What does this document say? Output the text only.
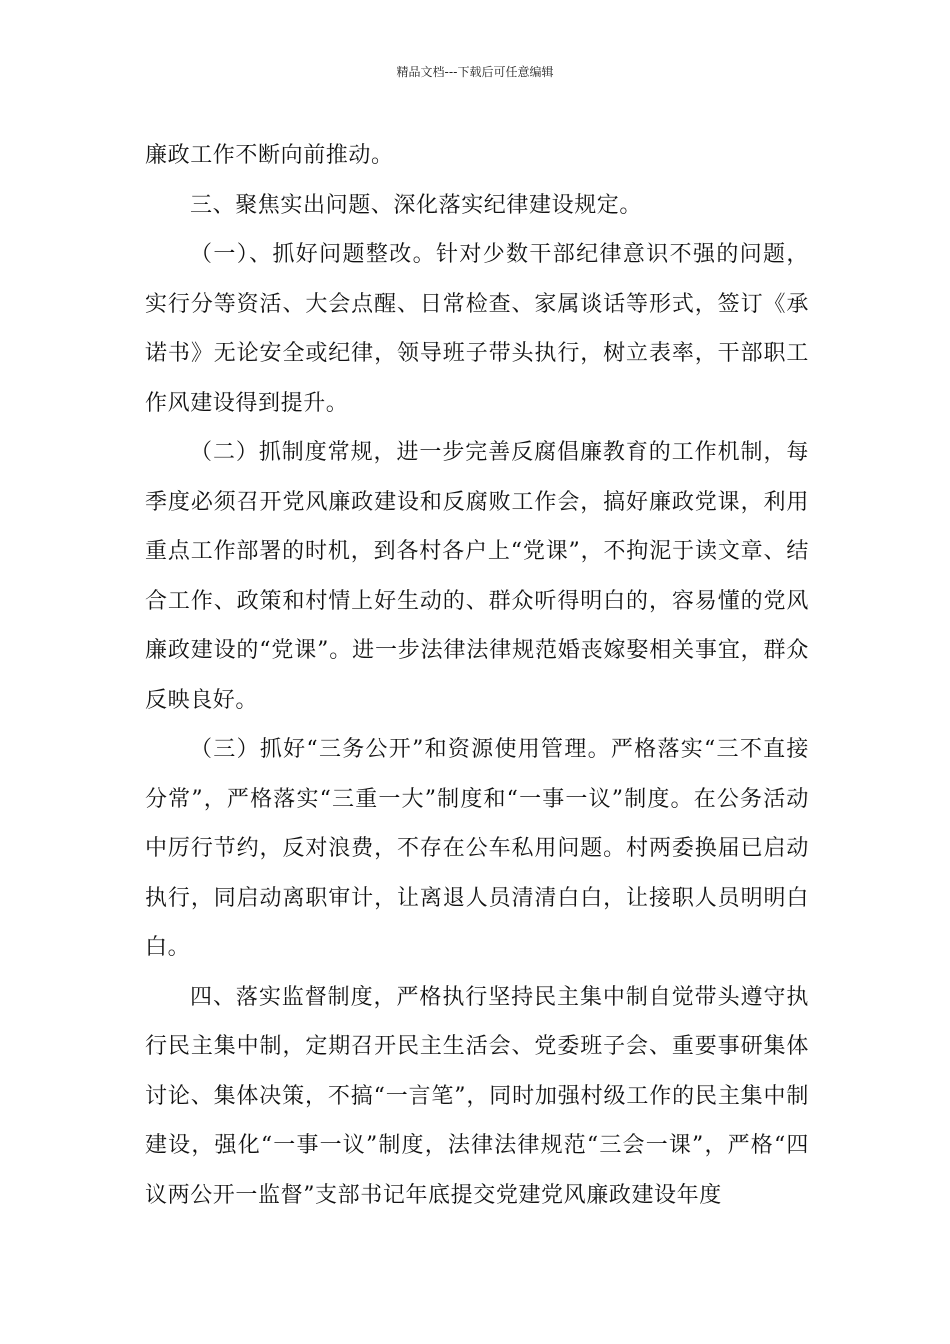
精品文档---下载后可任意编辑

廉政工作不断向前推动。

三、聚焦实出问题、深化落实纪律建设规定。

（一）、抓好问题整改。针对少数干部纪律意识不强的问题，实行分等资活、大会点醒、日常检查、家属谈话等形式，签订《承诺书》无论安全或纪律，领导班子带头执行，树立表率，干部职工作风建设得到提升。

（二）抓制度常规，进一步完善反腐倡廉教育的工作机制，每季度必须召开党风廉政建设和反腐败工作会，搞好廉政党课，利用重点工作部署的时机，到各村各户上“党课”，不拘泥于读文章、结合工作、政策和村情上好生动的、群众听得明白的，容易懂的党风廉政建设的“党课”。进一步法律法律规范婚丧嫁娶相关事宜，群众反映良好。

（三）抓好“三务公开”和资源使用管理。严格落实“三不直接分常”，严格落实“三重一大”制度和“一事一议”制度。在公务活动中厉行节约，反对浪费，不存在公车私用问题。村两委换届已启动执行，同启动离职审计，让离退人员清清白白，让接职人员明明白白。

四、落实监督制度，严格执行坚持民主集中制自觉带头遵守执行民主集中制，定期召开民主生活会、党委班子会、重要事研集体讨论、集体决策，不搞“一言笔”，同时加强村级工作的民主集中制建设，强化“一事一议”制度，法律法律规范“三会一课”，严格“四议两公开一监督”支部书记年底提交党建党风廉政建设年度
